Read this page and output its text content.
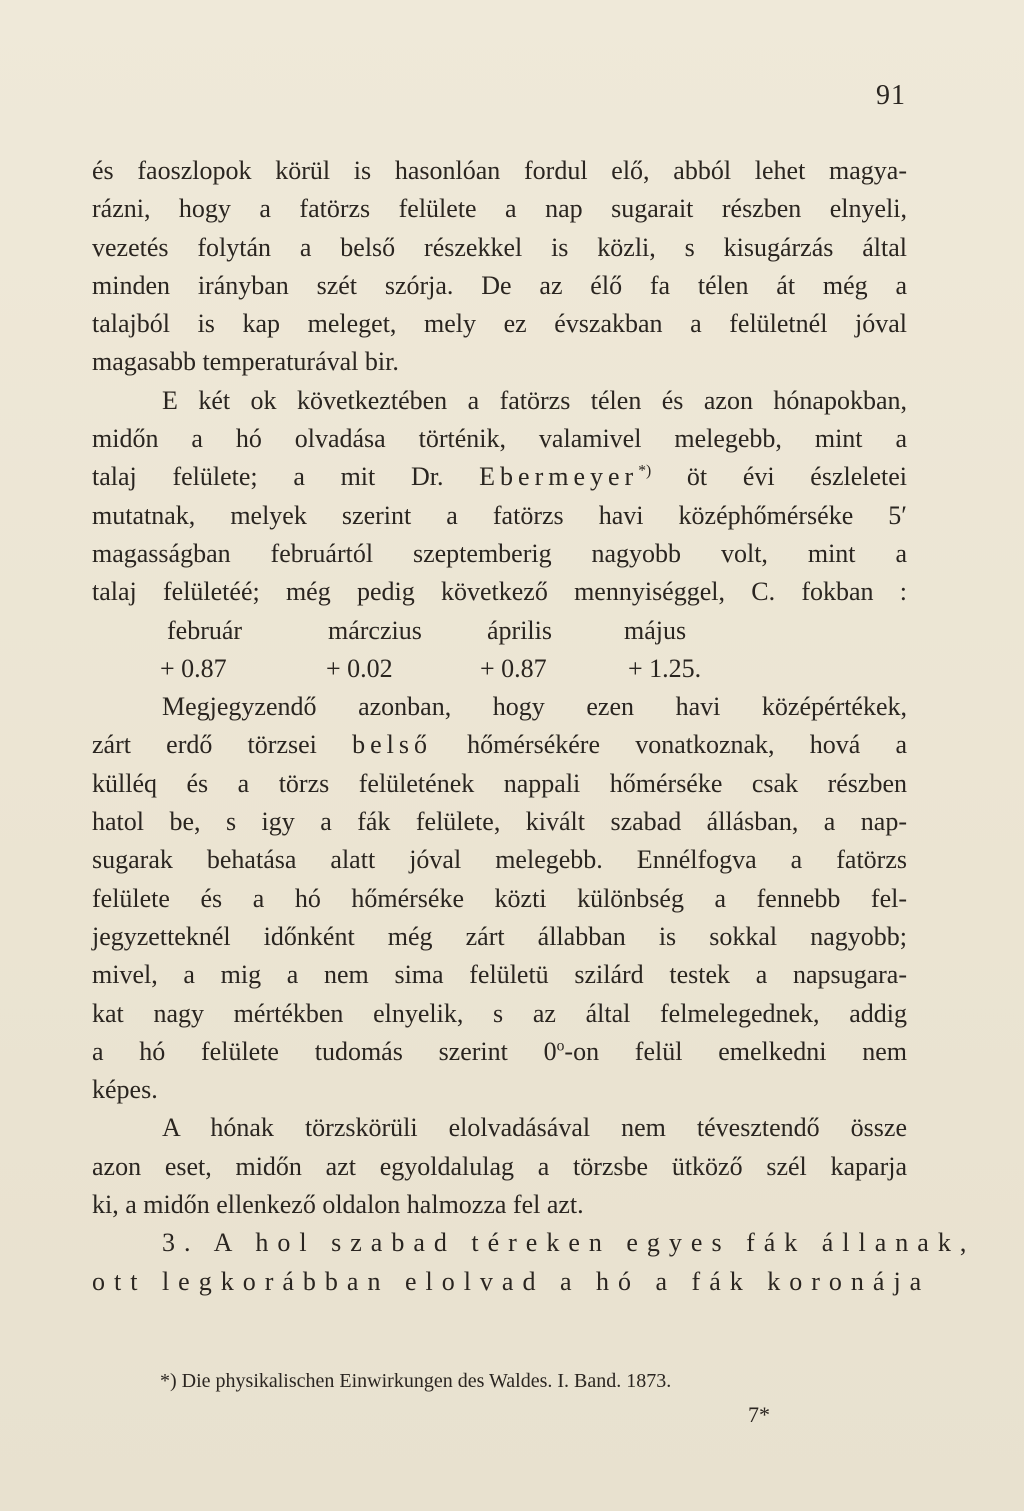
91
és faoszlopok körül is hasonlóan fordul elő, abból lehet magya-
rázni, hogy a fatörzs felülete a nap sugarait részben elnyeli,
vezetés folytán a belső részekkel is közli, s kisugárzás által
minden irányban szét szórja. De az élő fa télen át még a
talajból is kap meleget, mely ez évszakban a felületnél jóval
magasabb temperaturával bir.
E két ok következtében a fatörzs télen és azon hónapokban,
midőn a hó olvadása történik, valamivel melegebb, mint a
talaj felülete; a mit Dr. Ebermeyer*) öt évi észleletei
mutatnak, melyek szerint a fatörzs havi középhőmérséke 5′
magasságban februártól szeptemberig nagyobb volt, mint a
talaj felületéé; még pedig következő mennyiséggel, C. fokban :
február	márczius	április	május
+ 0.87	+ 0.02	+ 0.87	+ 1.25.
Megjegyzendő azonban, hogy ezen havi középértékek,
zárt erdő törzsei belső hőmérsékére vonatkoznak, hová a
külléq és a törzs felületének nappali hőmérséke csak részben
hatol be, s igy a fák felülete, kivált szabad állásban, a nap-
sugarak behatása alatt jóval melegebb. Ennélfogva a fatörzs
felülete és a hó hőmérséke közti különbség a fennebb fel-
jegyzetteknél időnként még zárt állabban is sokkal nagyobb;
mivel, a mig a nem sima felületü szilárd testek a napsugara-
kat nagy mértékben elnyelik, s az által felmelegednek, addig
a hó felülete tudomás szerint 0$^o$-on felül emelkedni nem
képes.
A hónak törzskörüli elolvadásával nem tévesztendő össze
azon eset, midőn azt egyoldalulag a törzsbe ütköző szél kaparja
ki, a midőn ellenkező oldalon halmozza fel azt.
3. A hol szabad téreken egyes fák állanak,
ott legkorábban elolvad a hó a fák koronája
*) Die physikalischen Einwirkungen des Waldes. I. Band. 1873.
7*
